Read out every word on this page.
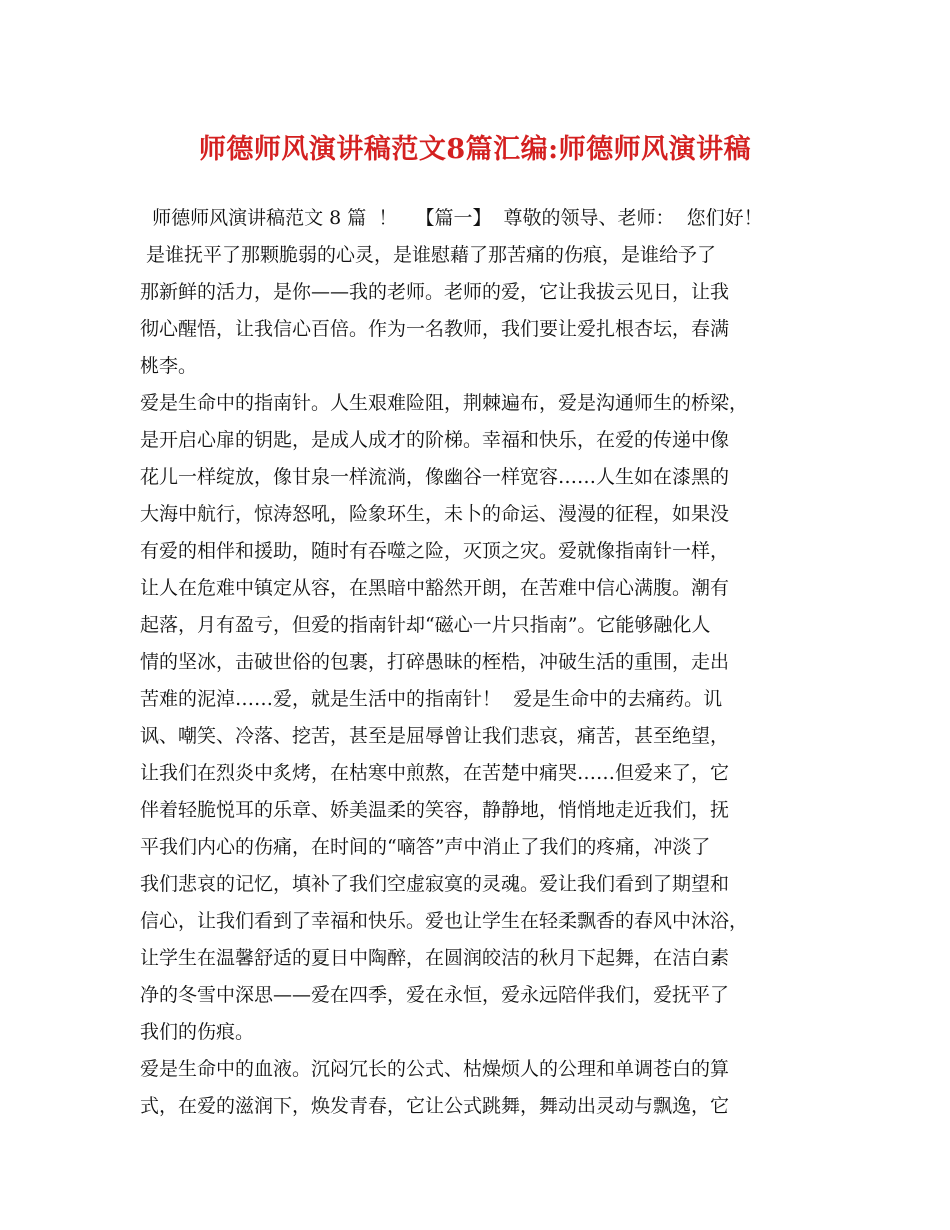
师德师风演讲稿范文8篇汇编:师德师风演讲稿
师德师风演讲稿范文 8 篇  ！   【篇一】  尊敬的领导、老师：  您们好！
是谁抚平了那颗脆弱的心灵，是谁慰藉了那苦痛的伤痕，是谁给予了
那新鲜的活力，是你——我的老师。老师的爱，它让我拔云见日，让我
彻心醒悟，让我信心百倍。作为一名教师，我们要让爱扎根杏坛，春满
桃李。
爱是生命中的指南针。人生艰难险阻，荆棘遍布，爱是沟通师生的桥梁，
是开启心扉的钥匙，是成人成才的阶梯。幸福和快乐，在爱的传递中像
花儿一样绽放，像甘泉一样流淌，像幽谷一样宽容……人生如在漆黑的
大海中航行，惊涛怒吼，险象环生，未卜的命运、漫漫的征程，如果没
有爱的相伴和援助，随时有吞噬之险，灭顶之灾。爱就像指南针一样，
让人在危难中镇定从容，在黑暗中豁然开朗，在苦难中信心满腹。潮有
起落，月有盈亏，但爱的指南针却“磁心一片只指南”。它能够融化人
情的坚冰，击破世俗的包裹，打碎愚昧的桎梏，冲破生活的重围，走出
苦难的泥淖……爱，就是生活中的指南针！  爱是生命中的去痛药。讥
讽、嘲笑、冷落、挖苦，甚至是屈辱曾让我们悲哀，痛苦，甚至绝望，
让我们在烈炎中炙烤，在枯寒中煎熬，在苦楚中痛哭……但爱来了，它
伴着轻脆悦耳的乐章、娇美温柔的笑容，静静地，悄悄地走近我们，抚
平我们内心的伤痛，在时间的“嘀答”声中消止了我们的疼痛，冲淡了
我们悲哀的记忆，填补了我们空虚寂寞的灵魂。爱让我们看到了期望和
信心，让我们看到了幸福和快乐。爱也让学生在轻柔飘香的春风中沐浴，
让学生在温馨舒适的夏日中陶醉，在圆润皎洁的秋月下起舞，在洁白素
净的冬雪中深思——爱在四季，爱在永恒，爱永远陪伴我们，爱抚平了
我们的伤痕。
爱是生命中的血液。沉闷冗长的公式、枯燥烦人的公理和单调苍白的算
式，在爱的滋润下，焕发青春，它让公式跳舞，舞动出灵动与飘逸，它
